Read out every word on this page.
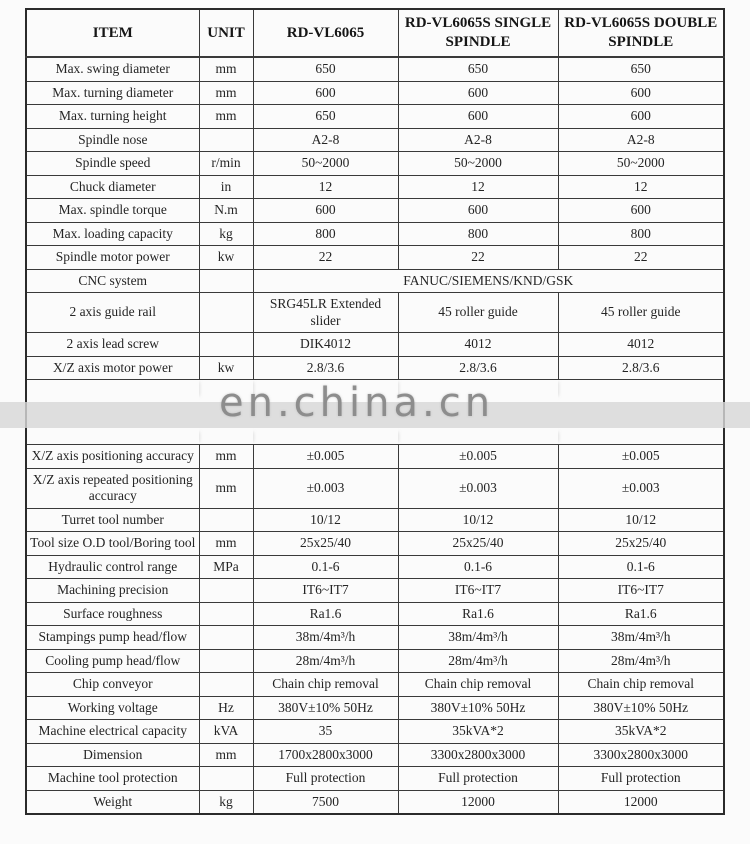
ITEM	UNIT	RD-VL6065	RD-VL6065S SINGLE SPINDLE	RD-VL6065S DOUBLE SPINDLE
Max. swing diameter	mm	650	650	650
Max. turning diameter	mm	600	600	600
Max. turning height	mm	650	600	600
Spindle nose		A2-8	A2-8	A2-8
Spindle speed	r/min	50~2000	50~2000	50~2000
Chuck diameter	in	12	12	12
Max. spindle torque	N.m	600	600	600
Max. loading capacity	kg	800	800	800
Spindle motor power	kw	22	22	22
CNC system		FANUC/SIEMENS/KND/GSK		
2 axis guide rail		SRG45LR Extended slider	45 roller guide	45 roller guide
2 axis lead screw		DIK4012	4012	4012
X/Z axis motor power	kw	2.8/3.6	2.8/3.6	2.8/3.6

X/Z axis positioning accuracy	mm	±0.005	±0.005	±0.005
X/Z axis repeated positioning accuracy	mm	±0.003	±0.003	±0.003
Turret tool number		10/12	10/12	10/12
Tool size O.D tool/Boring tool	mm	25x25/40	25x25/40	25x25/40
Hydraulic control range	MPa	0.1-6	0.1-6	0.1-6
Machining precision		IT6~IT7	IT6~IT7	IT6~IT7
Surface roughness		Ra1.6	Ra1.6	Ra1.6
Stampings pump head/flow		38m/4m³/h	38m/4m³/h	38m/4m³/h
Cooling pump head/flow		28m/4m³/h	28m/4m³/h	28m/4m³/h
Chip conveyor		Chain chip removal	Chain chip removal	Chain chip removal
Working voltage	Hz	380V±10% 50Hz	380V±10% 50Hz	380V±10% 50Hz
Machine electrical capacity	kVA	35	35kVA*2	35kVA*2
Dimension	mm	1700x2800x3000	3300x2800x3000	3300x2800x3000
Machine tool protection		Full protection	Full protection	Full protection
Weight	kg	7500	12000	12000
en.china.cn
